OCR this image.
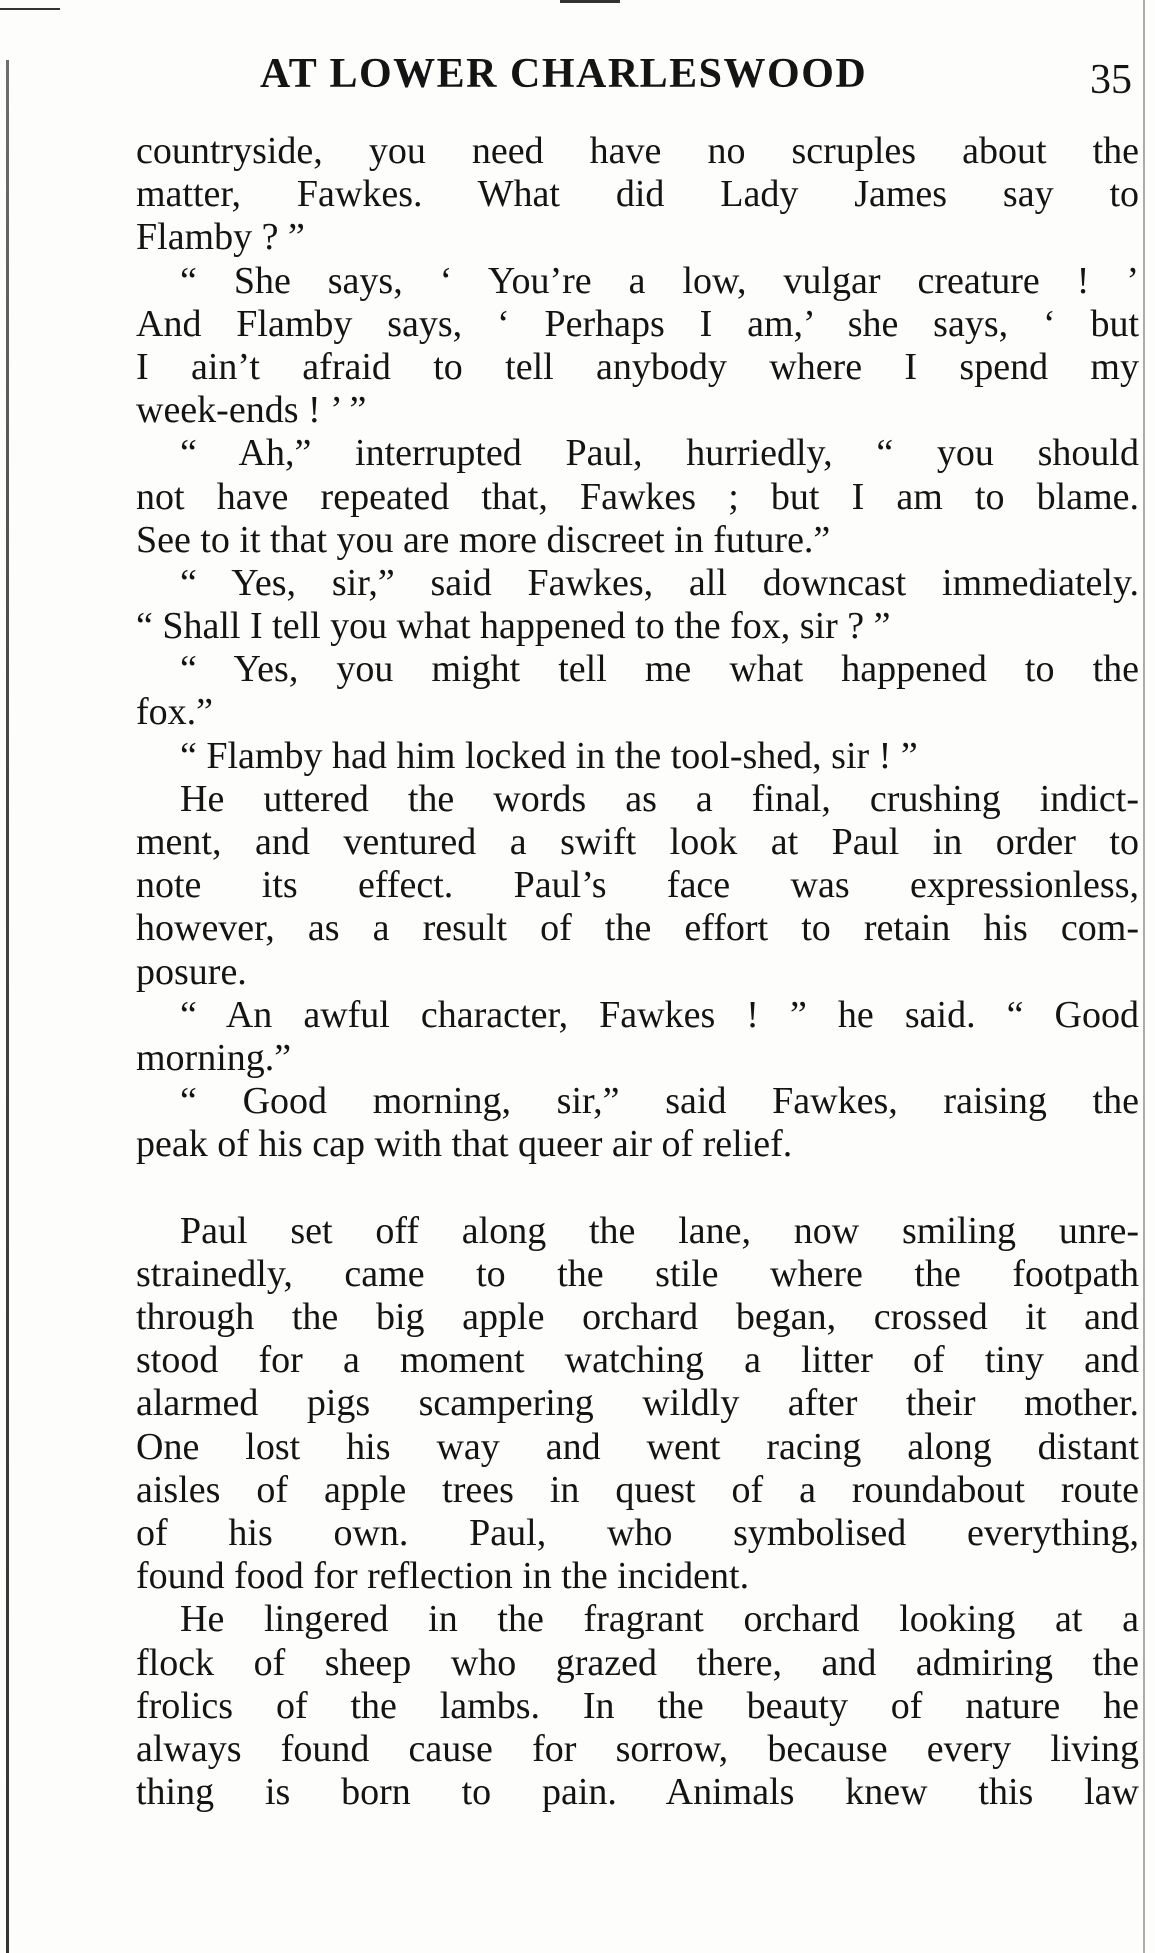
AT LOWER CHARLESWOOD	35
countryside, you need have no scruples about the
matter, Fawkes. What did Lady James say to
Flamby ? ”
“ She says, ‘ You’re a low, vulgar creature ! ’
And Flamby says, ‘ Perhaps I am,’ she says, ‘ but
I ain’t afraid to tell anybody where I spend my
week-ends ! ’ ”
“ Ah,” interrupted Paul, hurriedly, “ you should
not have repeated that, Fawkes ; but I am to blame.
See to it that you are more discreet in future.”
“ Yes, sir,” said Fawkes, all downcast immediately.
“ Shall I tell you what happened to the fox, sir ? ”
“ Yes, you might tell me what happened to the
fox.”
“ Flamby had him locked in the tool-shed, sir ! ”
He uttered the words as a final, crushing indict-
ment, and ventured a swift look at Paul in order to
note its effect. Paul’s face was expressionless,
however, as a result of the effort to retain his com-
posure.
“ An awful character, Fawkes ! ” he said. “ Good
morning.”
“ Good morning, sir,” said Fawkes, raising the
peak of his cap with that queer air of relief.
Paul set off along the lane, now smiling unre-
strainedly, came to the stile where the footpath
through the big apple orchard began, crossed it and
stood for a moment watching a litter of tiny and
alarmed pigs scampering wildly after their mother.
One lost his way and went racing along distant
aisles of apple trees in quest of a roundabout route
of his own. Paul, who symbolised everything,
found food for reflection in the incident.
He lingered in the fragrant orchard looking at a
flock of sheep who grazed there, and admiring the
frolics of the lambs. In the beauty of nature he
always found cause for sorrow, because every living
thing is born to pain. Animals knew this law
